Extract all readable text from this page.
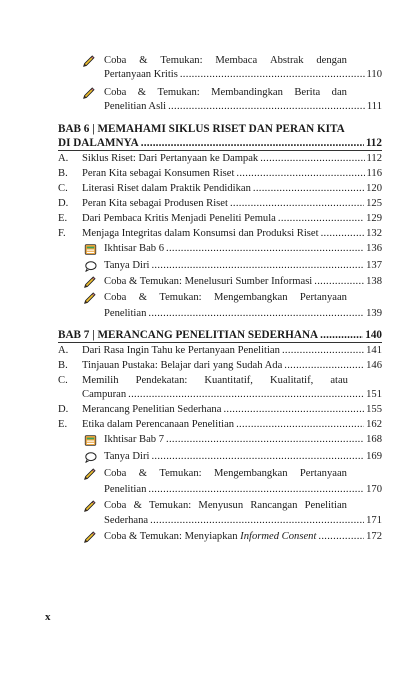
Coba & Temukan: Membaca Abstrak dengan
Pertanyaan Kritis .....	110
Coba & Temukan: Membandingkan Berita dan
Penelitian Asli .....	111
BAB 6 | MEMAHAMI SIKLUS RISET DAN PERAN KITA
DI DALAMNYA .....	112
A. Siklus Riset: Dari Pertanyaan ke Dampak .....	112
B. Peran Kita sebagai Konsumen Riset .....	116
C. Literasi Riset dalam Praktik Pendidikan .....	120
D. Peran Kita sebagai Produsen Riset .....	125
E. Dari Pembaca Kritis Menjadi Peneliti Pemula .....	129
F. Menjaga Integritas dalam Konsumsi dan Produksi Riset .....	132
Ikhtisar Bab 6 .....	136
Tanya Diri .....	137
Coba & Temukan: Menelusuri Sumber Informasi .....	138
Coba & Temukan: Mengembangkan Pertanyaan
Penelitian .....	139
BAB 7 | MERANCANG PENELITIAN SEDERHANA .....	140
A. Dari Rasa Ingin Tahu ke Pertanyaan Penelitian .....	141
B. Tinjauan Pustaka: Belajar dari yang Sudah Ada .....	146
C. Memilih Pendekatan: Kuantitatif, Kualitatif, atau
Campuran .....	151
D. Merancang Penelitian Sederhana .....	155
E. Etika dalam Perencanaan Penelitian .....	162
Ikhtisar Bab 7 .....	168
Tanya Diri .....	169
Coba & Temukan: Mengembangkan Pertanyaan
Penelitian .....	170
Coba & Temukan: Menyusun Rancangan Penelitian
Sederhana .....	171
Coba & Temukan: Menyiapkan Informed Consent .....	172
x
